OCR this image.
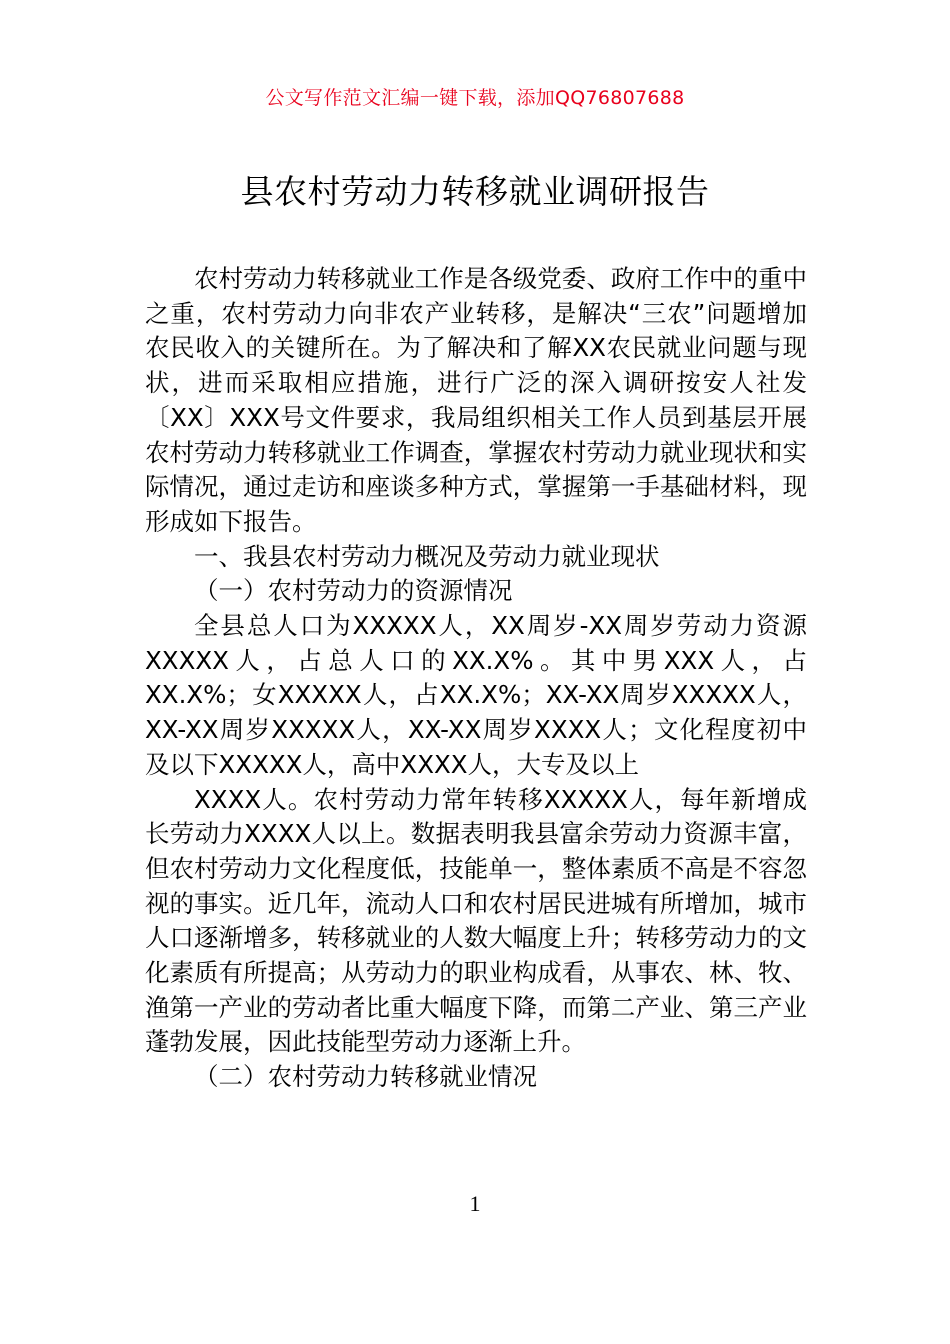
公文写作范文汇编一键下载，添加QQ76807688
县农村劳动力转移就业调研报告

农村劳动力转移就业工作是各级党委、政府工作中的重中之重，农村劳动力向非农产业转移，是解决“三农”问题增加农民收入的关键所在。为了解决和了解XX农民就业问题与现状，进而采取相应措施，进行广泛的深入调研按安人社发〔XX〕XXX号文件要求，我局组织相关工作人员到基层开展农村劳动力转移就业工作调查，掌握农村劳动力就业现状和实际情况，通过走访和座谈多种方式，掌握第一手基础材料，现形成如下报告。

一、我县农村劳动力概况及劳动力就业现状

（一）农村劳动力的资源情况

全县总人口为XXXXX人，XX周岁-XX周岁劳动力资源XXXXX人，占总人口的XX.X%。其中男XXX人，占XX.X%；女XXXXX人，占XX.X%；XX-XX周岁XXXXX人，XX-XX周岁XXXXX人，XX-XX周岁XXXX人；文化程度初中及以下XXXXX人，高中XXXX人，大专及以上

XXXX人。农村劳动力常年转移XXXXX人，每年新增成长劳动力XXXX人以上。数据表明我县富余劳动力资源丰富，但农村劳动力文化程度低，技能单一，整体素质不高是不容忽视的事实。近几年，流动人口和农村居民进城有所增加，城市人口逐渐增多，转移就业的人数大幅度上升；转移劳动力的文化素质有所提高；从劳动力的职业构成看，从事农、林、牧、渔第一产业的劳动者比重大幅度下降，而第二产业、第三产业蓬勃发展，因此技能型劳动力逐渐上升。

（二）农村劳动力转移就业情况

1
